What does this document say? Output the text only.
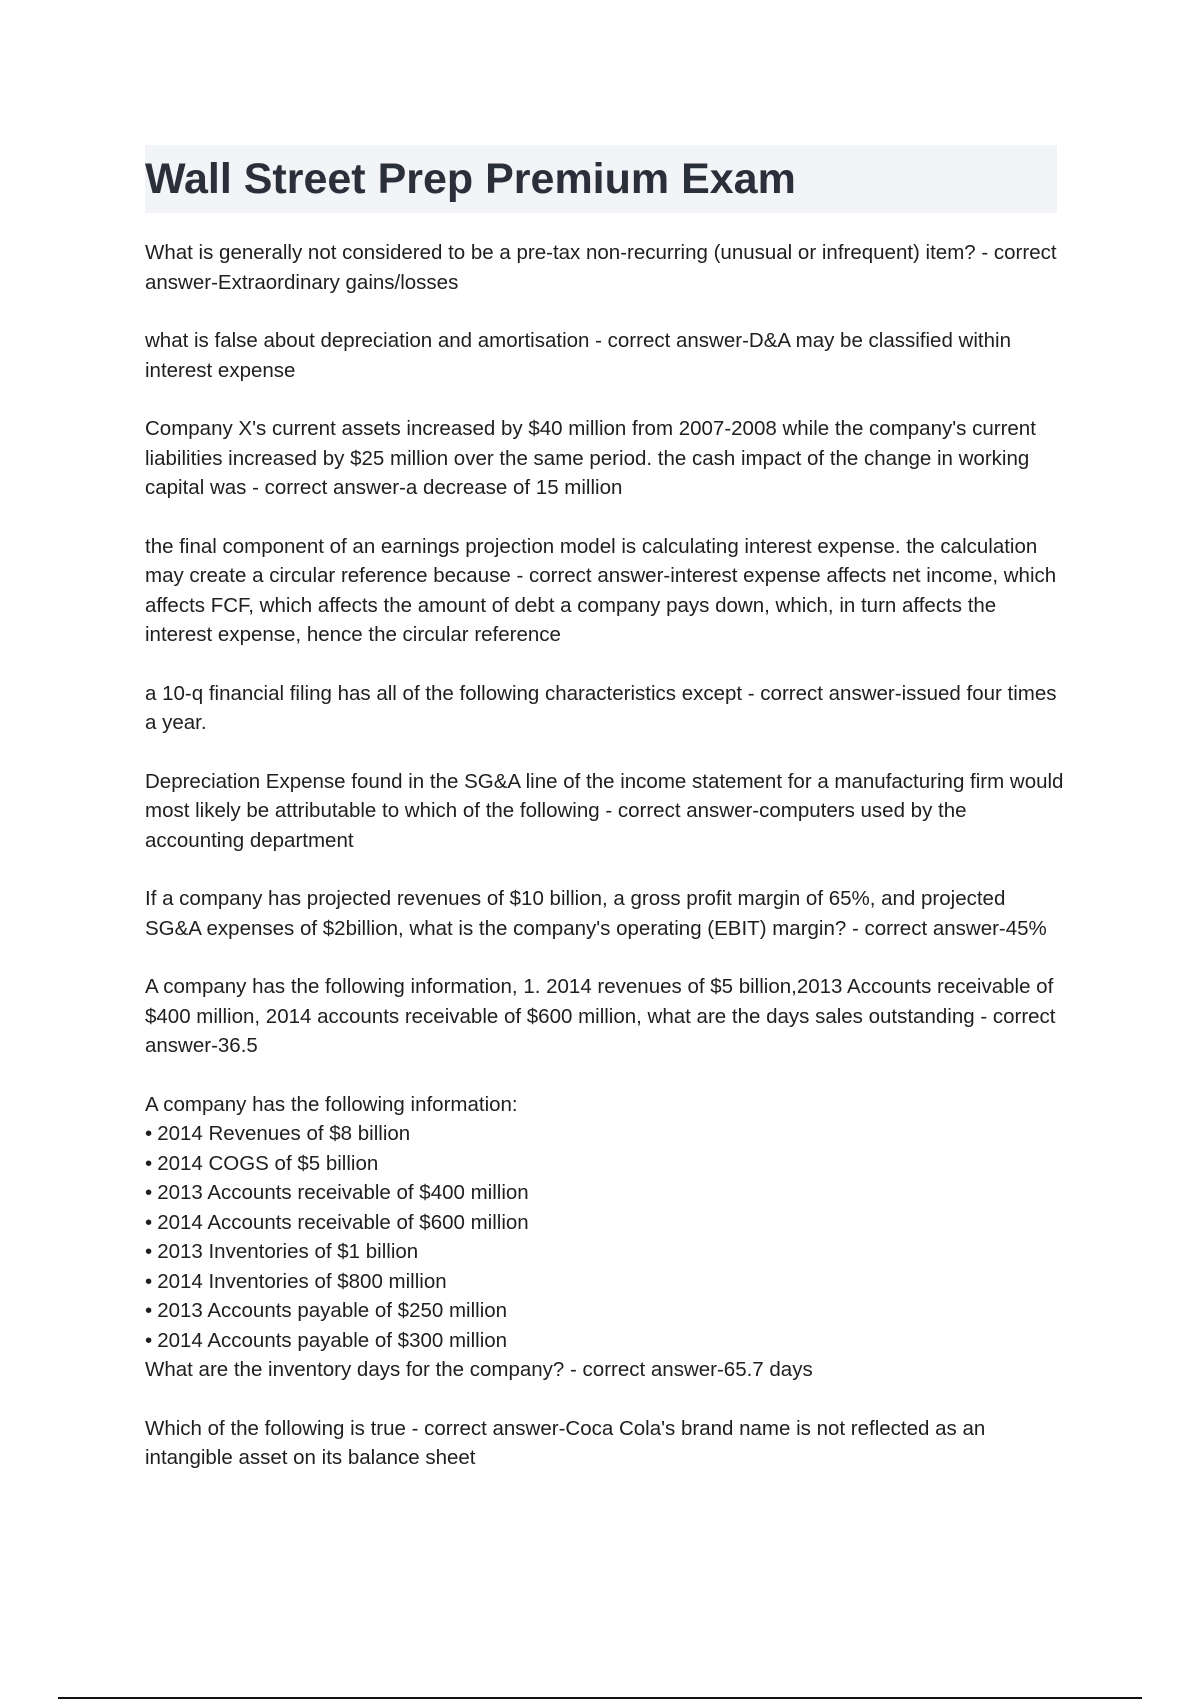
Wall Street Prep Premium Exam

What is generally not considered to be a pre-tax non-recurring (unusual or infrequent) item? - correct answer-Extraordinary gains/losses

what is false about depreciation and amortisation - correct answer-D&A may be classified within interest expense

Company X's current assets increased by $40 million from 2007-2008 while the company's current liabilities increased by $25 million over the same period. the cash impact of the change in working capital was - correct answer-a decrease of 15 million

the final component of an earnings projection model is calculating interest expense. the calculation may create a circular reference because - correct answer-interest expense affects net income, which affects FCF, which affects the amount of debt a company pays down, which, in turn affects the interest expense, hence the circular reference

a 10-q financial filing has all of the following characteristics except - correct answer-issued four times a year.

Depreciation Expense found in the SG&A line of the income statement for a manufacturing firm would most likely be attributable to which of the following - correct answer-computers used by the accounting department

If a company has projected revenues of $10 billion, a gross profit margin of 65%, and projected SG&A expenses of $2billion, what is the company's operating (EBIT) margin? - correct answer-45%

A company has the following information, 1. 2014 revenues of $5 billion,2013 Accounts receivable of $400 million, 2014 accounts receivable of $600 million, what are the days sales outstanding - correct answer-36.5

A company has the following information:

• 2014 Revenues of $8 billion
• 2014 COGS of $5 billion
• 2013 Accounts receivable of $400 million
• 2014 Accounts receivable of $600 million
• 2013 Inventories of $1 billion
• 2014 Inventories of $800 million
• 2013 Accounts payable of $250 million
• 2014 Accounts payable of $300 million

What are the inventory days for the company? - correct answer-65.7 days

Which of the following is true - correct answer-Coca Cola's brand name is not reflected as an intangible asset on its balance sheet
